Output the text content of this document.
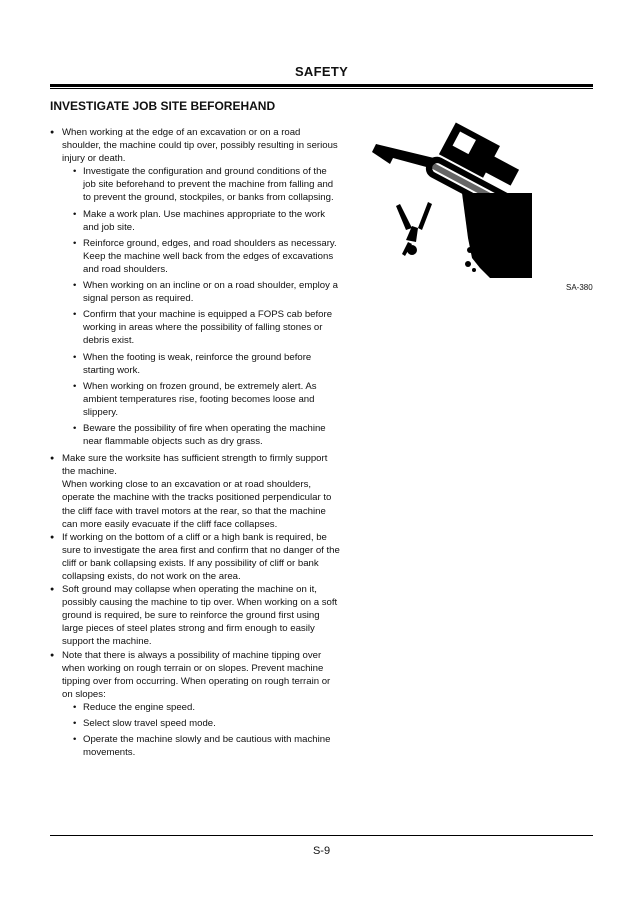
SAFETY
INVESTIGATE JOB SITE BEFOREHAND
● When working at the edge of an excavation or on a road shoulder, the machine could tip over, possibly resulting in serious injury or death.
• Investigate the configuration and ground conditions of the job site beforehand to prevent the machine from falling and to prevent the ground, stockpiles, or banks from collapsing.
• Make a work plan. Use machines appropriate to the work and job site.
• Reinforce ground, edges, and road shoulders as necessary. Keep the machine well back from the edges of excavations and road shoulders.
• When working on an incline or on a road shoulder, employ a signal person as required.
• Confirm that your machine is equipped a FOPS cab before working in areas where the possibility of falling stones or debris exist.
• When the footing is weak, reinforce the ground before starting work.
• When working on frozen ground, be extremely alert. As ambient temperatures rise, footing becomes loose and slippery.
• Beware the possibility of fire when operating the machine near flammable objects such as dry grass.
● Make sure the worksite has sufficient strength to firmly support the machine.
When working close to an excavation or at road shoulders, operate the machine with the tracks positioned perpendicular to the cliff face with travel motors at the rear, so that the machine can more easily evacuate if the cliff face collapses.
● If working on the bottom of a cliff or a high bank is required, be sure to investigate the area first and confirm that no danger of the cliff or bank collapsing exists. If any possibility of cliff or bank collapsing exists, do not work on the area.
● Soft ground may collapse when operating the machine on it, possibly causing the machine to tip over. When working on a soft ground is required, be sure to reinforce the ground first using large pieces of steel plates strong and firm enough to easily support the machine.
● Note that there is always a possibility of machine tipping over when working on rough terrain or on slopes. Prevent machine tipping over from occurring. When operating on rough terrain or on slopes:
• Reduce the engine speed.
• Select slow travel speed mode.
• Operate the machine slowly and be cautious with machine movements.
SA-380
S-9
